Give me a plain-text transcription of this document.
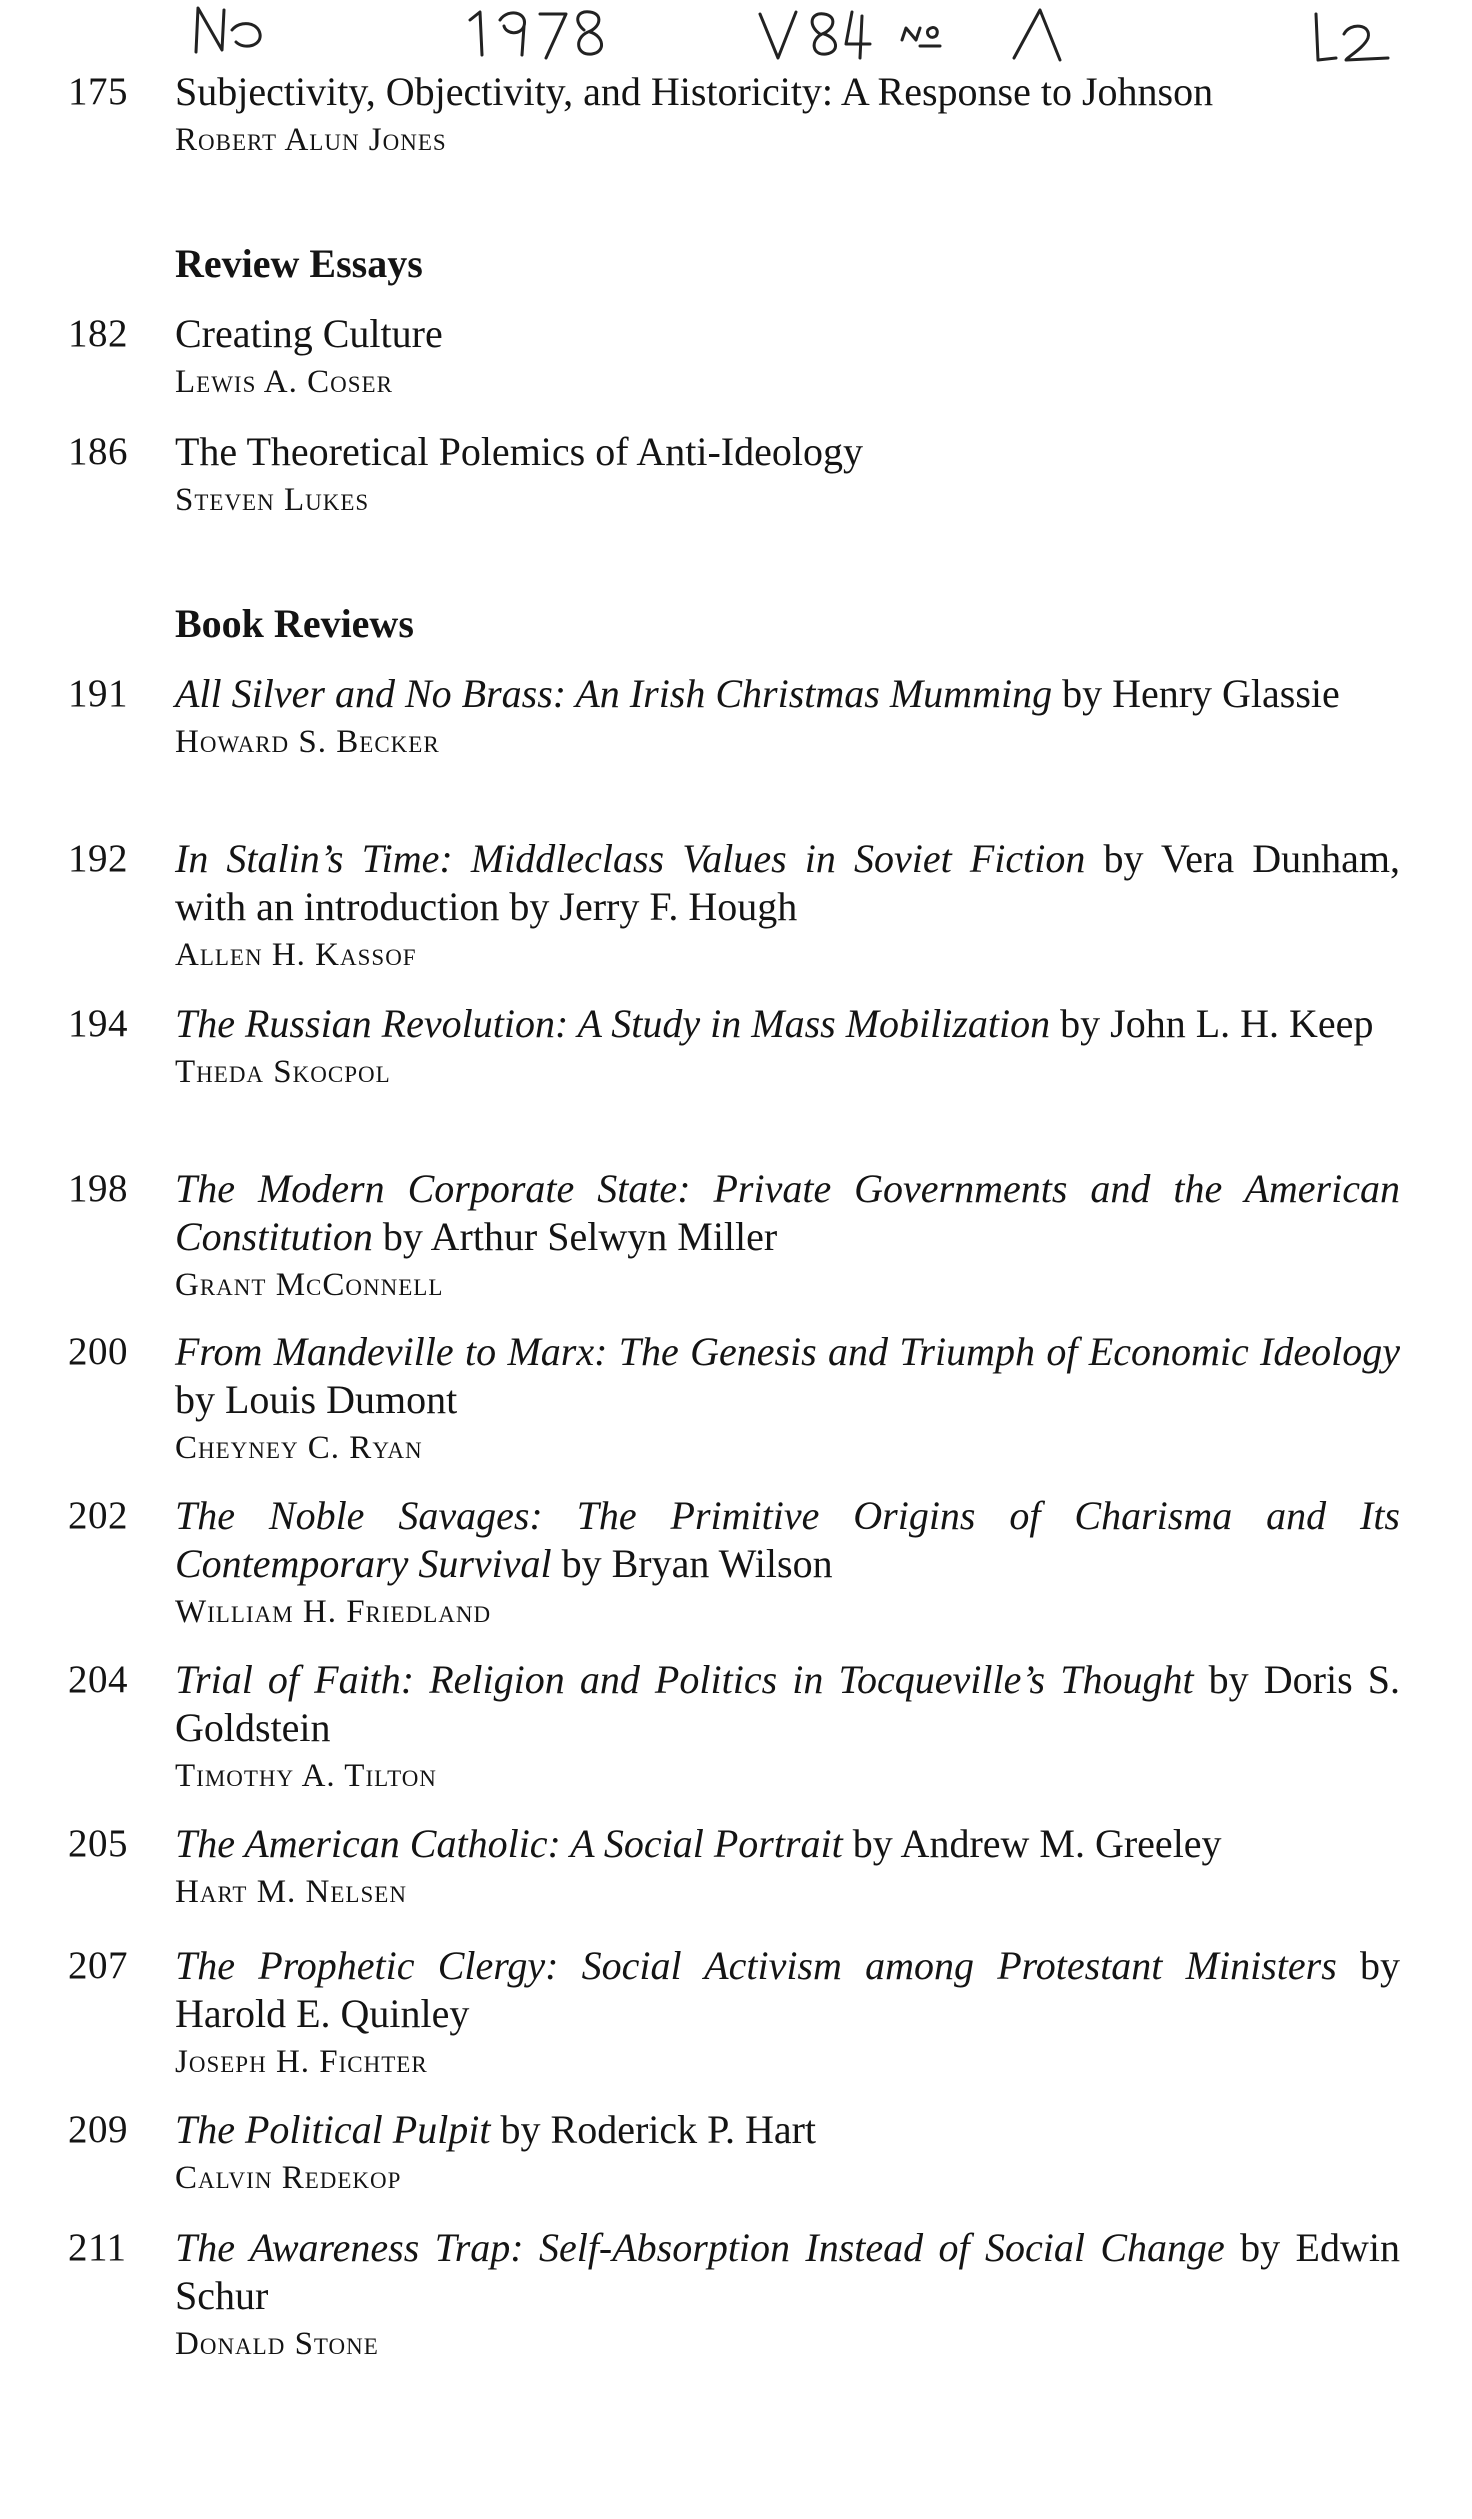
175	Subjectivity, Objectivity, and Historicity: A Response to Johnson

Robert Alun Jones

Review Essays
182	Creating Culture

Lewis A. Coser

186	The Theoretical Polemics of Anti-Ideology

Steven Lukes

Book Reviews
191	All Silver and No Brass: An Irish Christmas Mumming by Henry Glassie

Howard S. Becker

192	In Stalin’s Time: Middleclass Values in Soviet Fiction by Vera Dunham, with an introduction by Jerry F. Hough

Allen H. Kassof

194	The Russian Revolution: A Study in Mass Mobilization by John L. H. Keep

Theda Skocpol

198	The Modern Corporate State: Private Governments and the American Constitution by Arthur Selwyn Miller

Grant McConnell

200	From Mandeville to Marx: The Genesis and Triumph of Economic Ideology by Louis Dumont

Cheyney C. Ryan

202	The Noble Savages: The Primitive Origins of Charisma and Its Contemporary Survival by Bryan Wilson

William H. Friedland

204	Trial of Faith: Religion and Politics in Tocqueville’s Thought by Doris S. Goldstein

Timothy A. Tilton

205	The American Catholic: A Social Portrait by Andrew M. Greeley

Hart M. Nelsen

207	The Prophetic Clergy: Social Activism among Protestant Ministers by Harold E. Quinley

Joseph H. Fichter

209	The Political Pulpit by Roderick P. Hart

Calvin Redekop

211	The Awareness Trap: Self-Absorption Instead of Social Change by Edwin Schur

Donald Stone
